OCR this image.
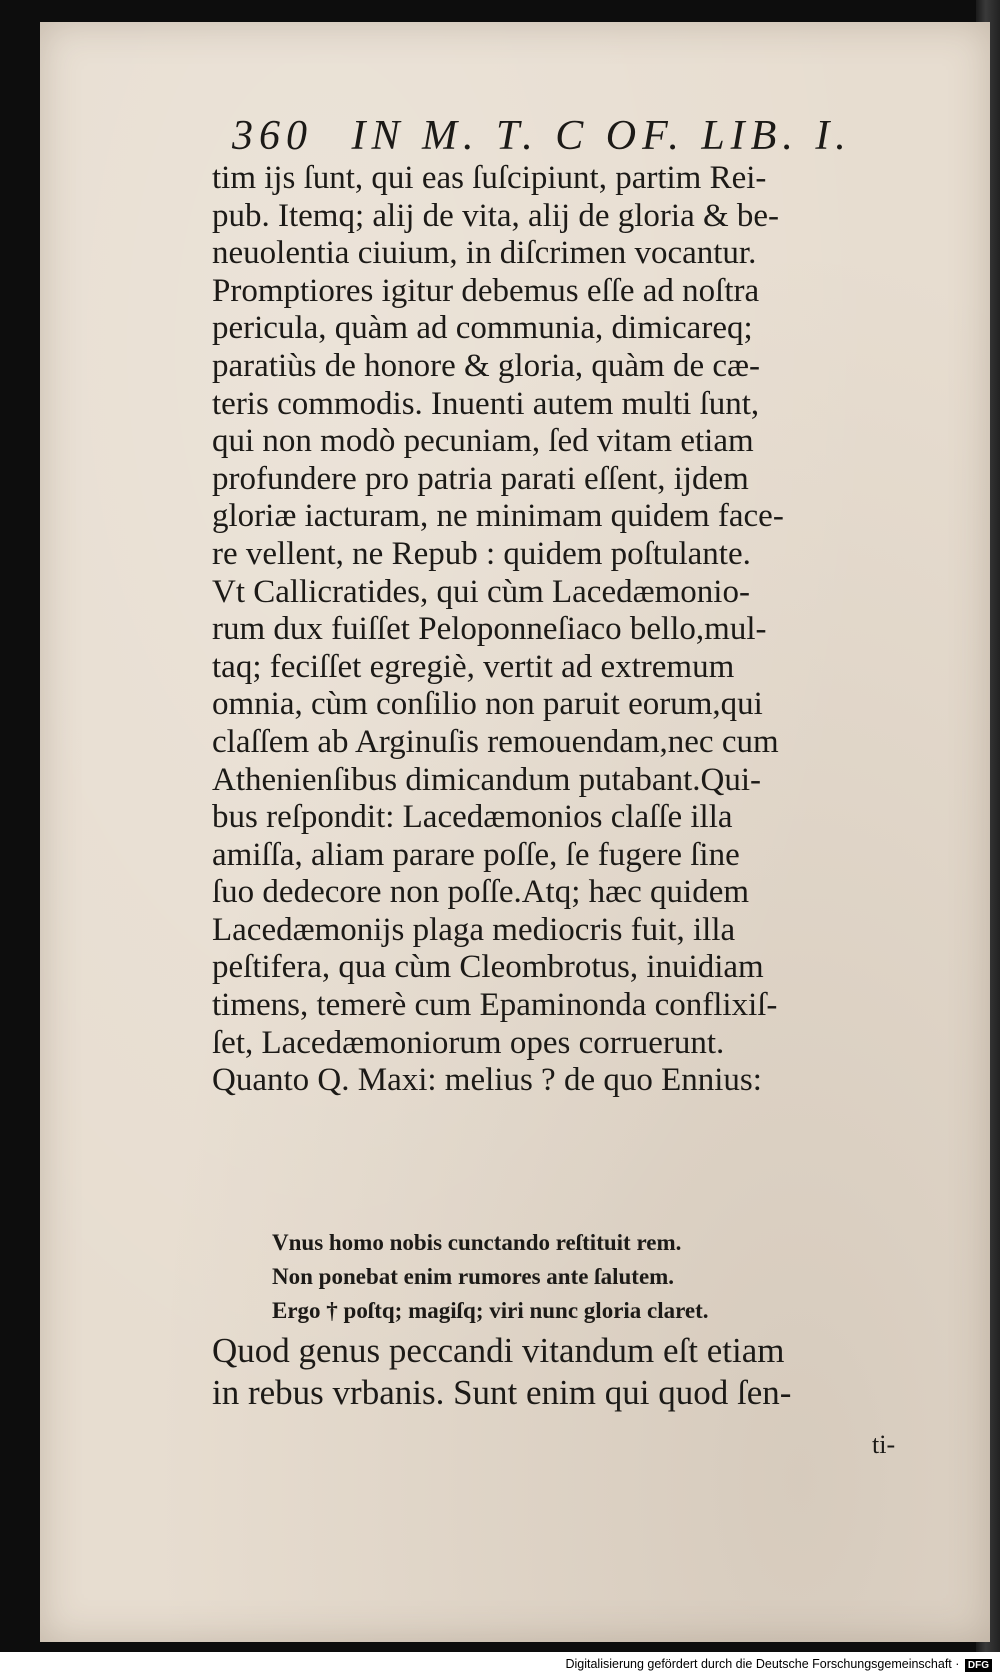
360 IN M. T. C OF. LIB. I.
tim ĳs ſunt, qui eas ſuſcipiunt, partim Rei-
pub. Itemq; alĳ de vita, alĳ de gloria & be-
neuolentia ciuium, in diſcrimen vocantur.
Promptiores igitur debemus eſſe ad noſtra
pericula, quàm ad communia, dimicareq;
paratiùs de honore & gloria, quàm de cæ-
teris commodis. Inuenti autem multi ſunt,
qui non modò pecuniam, ſed vitam etiam
profundere pro patria parati eſſent, ĳdem
gloriæ iacturam, ne minimam quidem face-
re vellent, ne Repub : quidem poſtulante.
Vt Callicratides, qui cùm Lacedæmonio-
rum dux fuiſſet Peloponneſiaco bello,mul-
taq; feciſſet egregiè, vertit ad extremum
omnia, cùm conſilio non paruit eorum,qui
claſſem ab Arginuſis remouendam,nec cum
Athenienſibus dimicandum putabant.Qui-
bus reſpondit: Lacedæmonios claſſe illa
amiſſa, aliam parare poſſe, ſe fugere ſine
ſuo dedecore non poſſe.Atq; hæc quidem
Lacedæmonĳs plaga mediocris fuit, illa
peſtifera, qua cùm Cleombrotus, inuidiam
timens, temerè cum Epaminonda conflixiſ-
ſet, Lacedæmoniorum opes corruerunt.
Quanto Q. Maxi: melius ? de quo Ennius:
Vnus homo nobis cunctando reſtituit rem.
Non ponebat enim rumores ante ſalutem.
Ergo † poſtq; magiſq; viri nunc gloria claret.
Quod genus peccandi vitandum eſt etiam
in rebus vrbanis. Sunt enim qui quod ſen-
ti-
Digitalisierung gefördert durch die Deutsche Forschungsgemeinschaft · DFG
